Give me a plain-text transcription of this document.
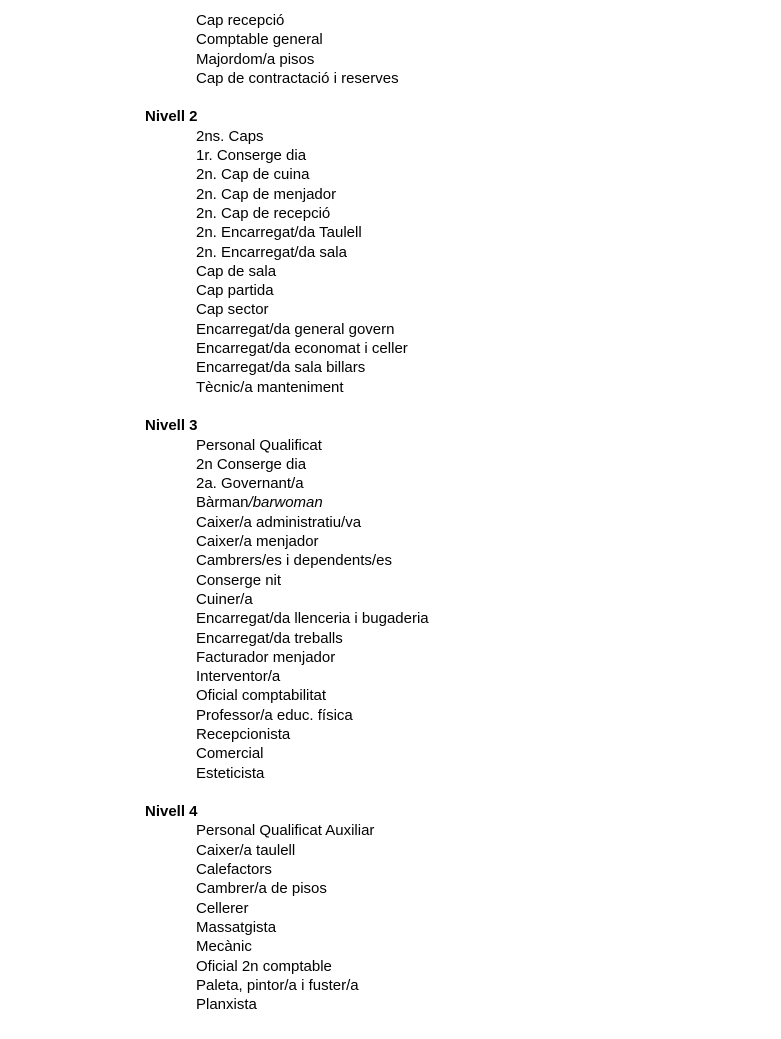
Cap recepció
Comptable general
Majordom/a pisos
Cap de contractació i reserves
Nivell 2
2ns. Caps
1r. Conserge dia
2n. Cap de cuina
2n. Cap de menjador
2n. Cap de recepció
2n. Encarregat/da Taulell
2n. Encarregat/da sala
Cap de sala
Cap partida
Cap sector
Encarregat/da general govern
Encarregat/da economat i celler
Encarregat/da sala billars
Tècnic/a manteniment
Nivell 3
Personal Qualificat
2n Conserge dia
2a. Governant/a
Bàrman/barwoman
Caixer/a administratiu/va
Caixer/a menjador
Cambrers/es i dependents/es
Conserge nit
Cuiner/a
Encarregat/da llenceria i bugaderia
Encarregat/da treballs
Facturador menjador
Interventor/a
Oficial comptabilitat
Professor/a educ. física
Recepcionista
Comercial
Esteticista
Nivell 4
Personal Qualificat Auxiliar
Caixer/a taulell
Calefactors
Cambrer/a de pisos
Cellerer
Massatgista
Mecànic
Oficial 2n comptable
Paleta, pintor/a i fuster/a
Planxista
